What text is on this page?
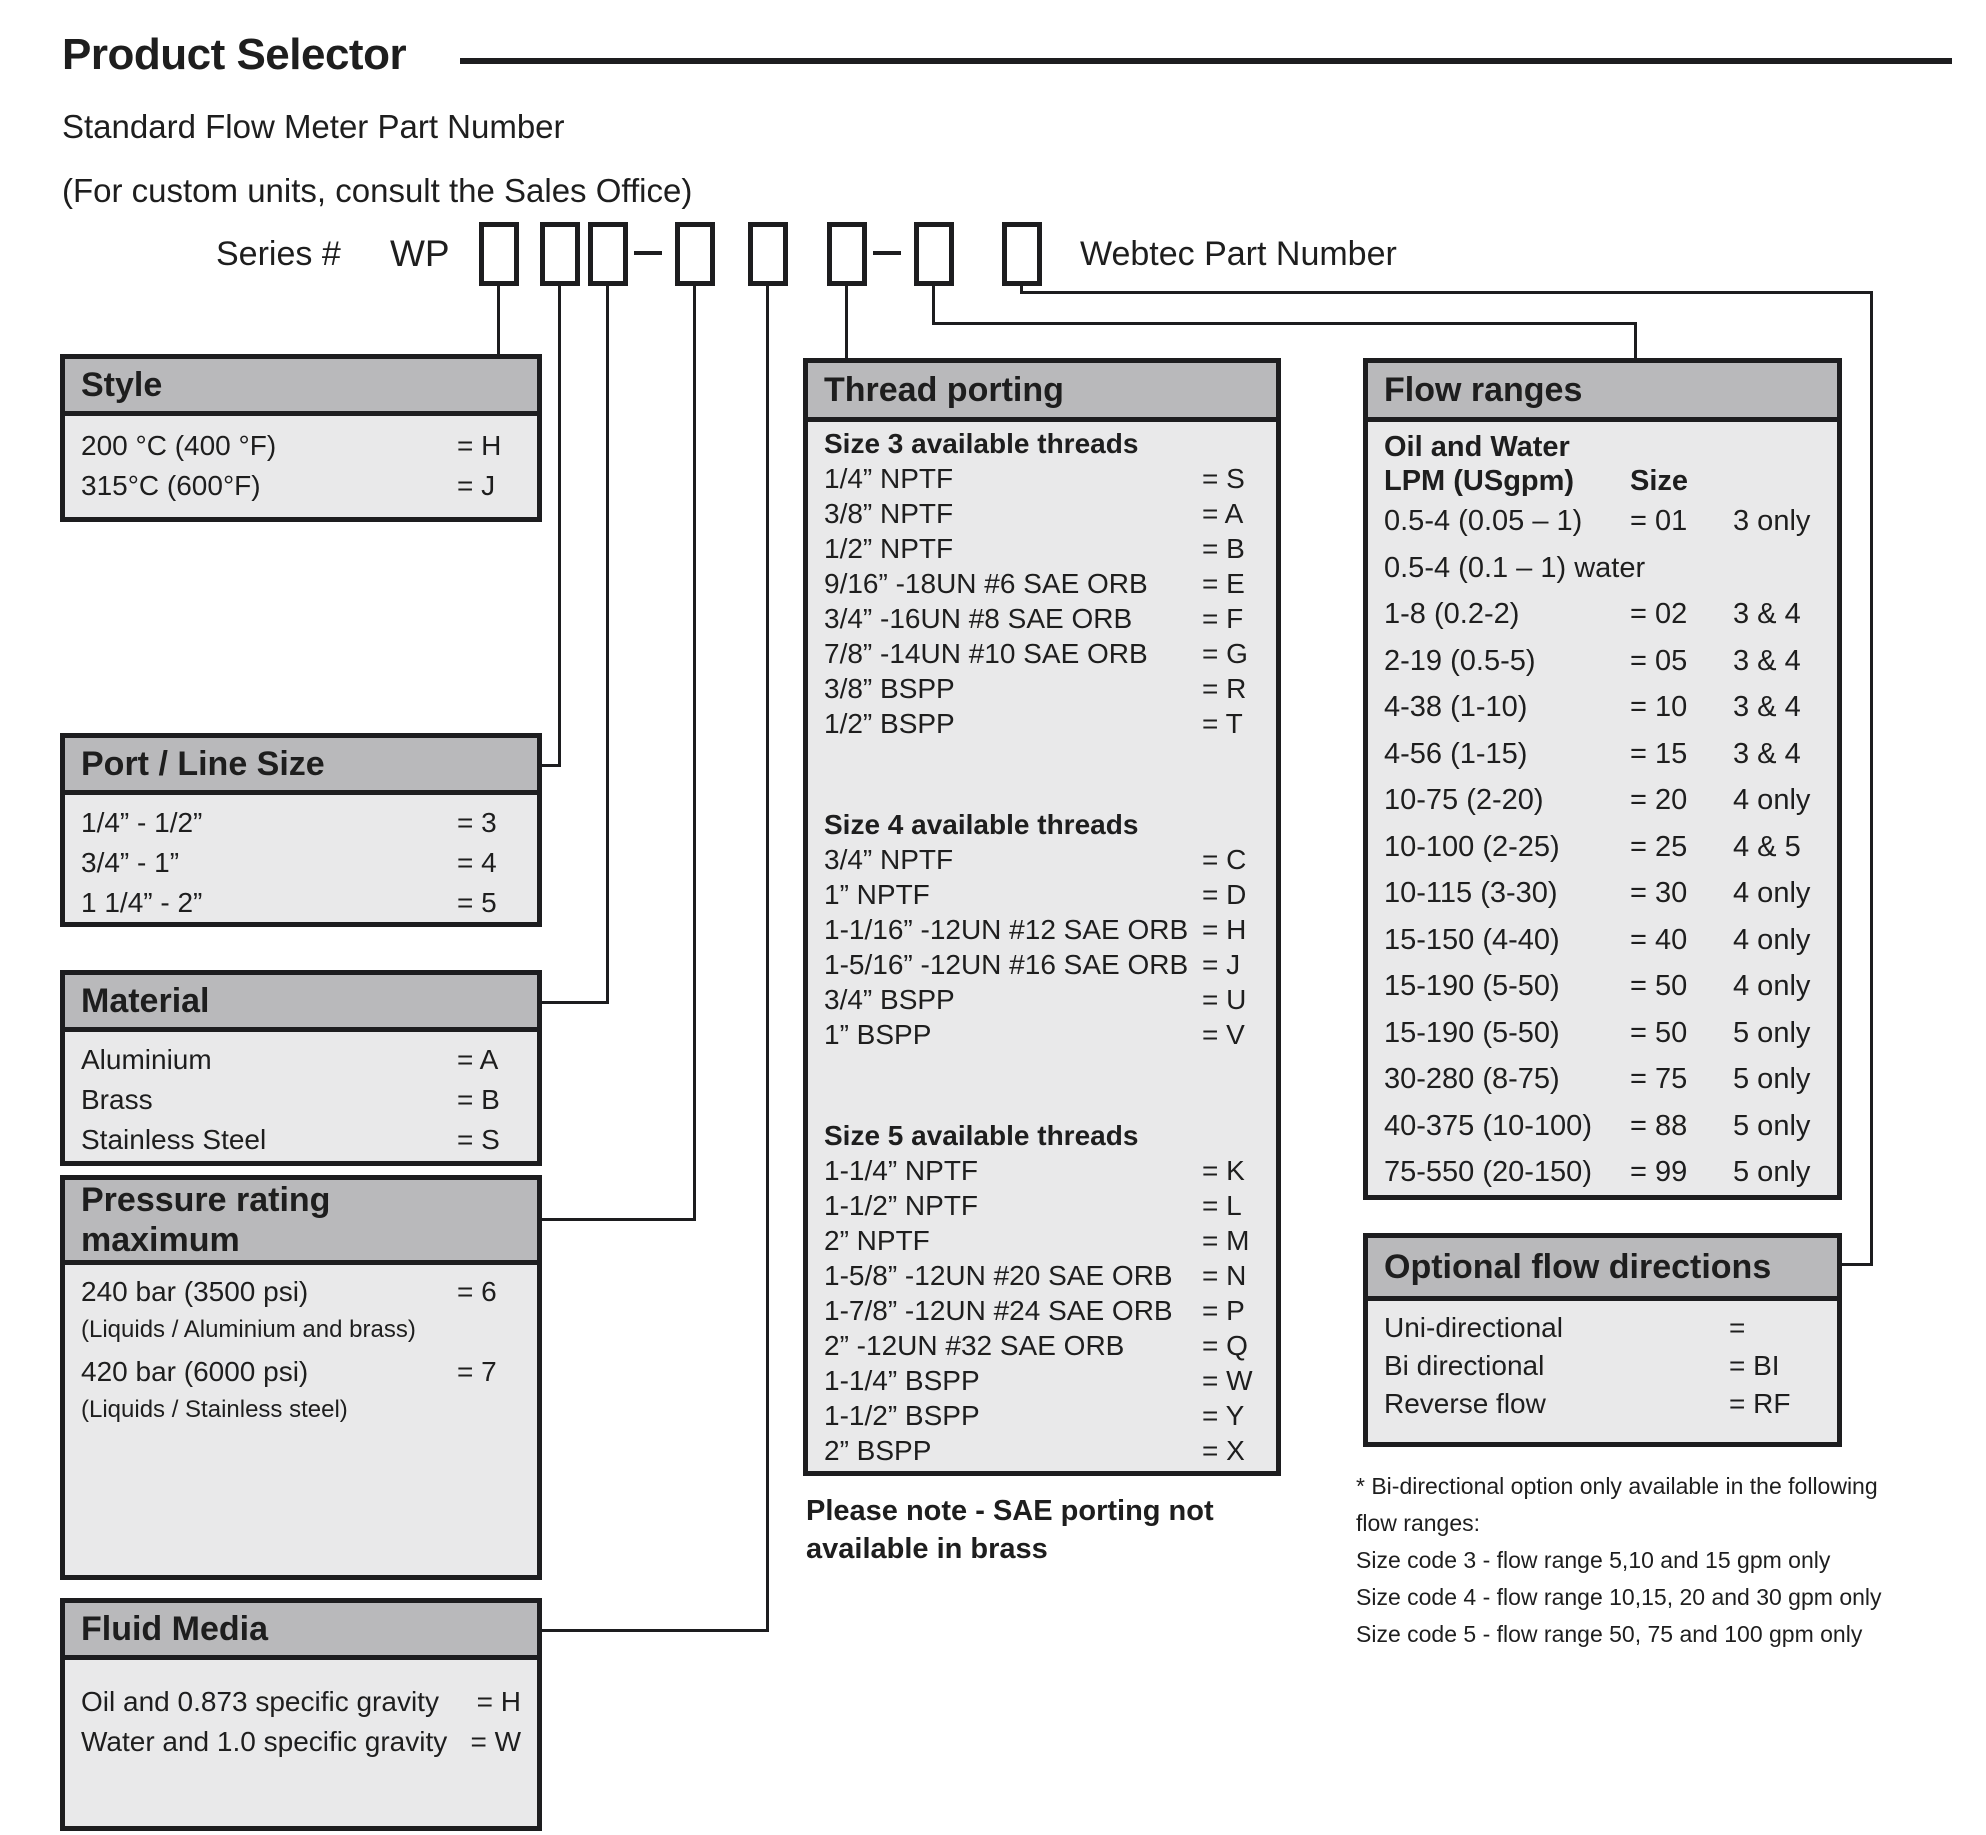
Product Selector
Standard Flow Meter Part Number
(For custom units, consult the Sales Office)
Series # WP	Webtec Part Number
Style
200 °C (400 °F)	= H
315°C (600°F)	= J
Port / Line Size
1/4” - 1/2”	= 3
3/4” - 1”	= 4
1 1/4” - 2”	= 5
Material
Aluminium	= A
Brass	= B
Stainless Steel	= S
Pressure rating
maximum
240 bar (3500 psi)	= 6
(Liquids / Aluminium and brass)
420 bar (6000 psi)	= 7
(Liquids / Stainless steel)
Fluid Media
Oil and 0.873 specific gravity = H
Water and 1.0 specific gravity = W
Thread porting
Size 3 available threads
1/4” NPTF	= S
3/8” NPTF	= A
1/2” NPTF	= B
9/16” -18UN #6 SAE ORB	= E
3/4” -16UN #8 SAE ORB	= F
7/8” -14UN #10 SAE ORB	= G
3/8” BSPP	= R
1/2” BSPP	= T
Size 4 available threads
3/4” NPTF	= C
1” NPTF	= D
1-1/16” -12UN #12 SAE ORB = H
1-5/16” -12UN #16 SAE ORB = J
3/4” BSPP	= U
1” BSPP	= V
Size 5 available threads
1-1/4” NPTF	= K
1-1/2” NPTF	= L
2” NPTF	= M
1-5/8” -12UN #20 SAE ORB	= N
1-7/8” -12UN #24 SAE ORB	= P
2” -12UN #32 SAE ORB	= Q
1-1/4” BSPP	= W
1-1/2” BSPP	= Y
2” BSPP	= X
Please note - SAE porting not
available in brass
Flow ranges
Oil and Water
LPM (USgpm)	Size
0.5-4 (0.05 – 1)	= 01	3 only
0.5-4 (0.1 – 1) water
1-8 (0.2-2)	= 02	3 & 4
2-19 (0.5-5)	= 05	3 & 4
4-38 (1-10)	= 10	3 & 4
4-56 (1-15)	= 15	3 & 4
10-75 (2-20)	= 20	4 only
10-100 (2-25)	= 25	4 & 5
10-115 (3-30)	= 30	4 only
15-150 (4-40)	= 40	4 only
15-190 (5-50)	= 50	4 only
15-190 (5-50)	= 50	5 only
30-280 (8-75)	= 75	5 only
40-375 (10-100)	= 88	5 only
75-550 (20-150)	= 99	5 only
Optional flow directions
Uni-directional	=
Bi directional	= BI
Reverse flow	= RF
* Bi-directional option only available in the following
flow ranges:
Size code 3 - flow range 5,10 and 15 gpm only
Size code 4 - flow range 10,15, 20 and 30 gpm only
Size code 5 - flow range 50, 75 and 100 gpm only
